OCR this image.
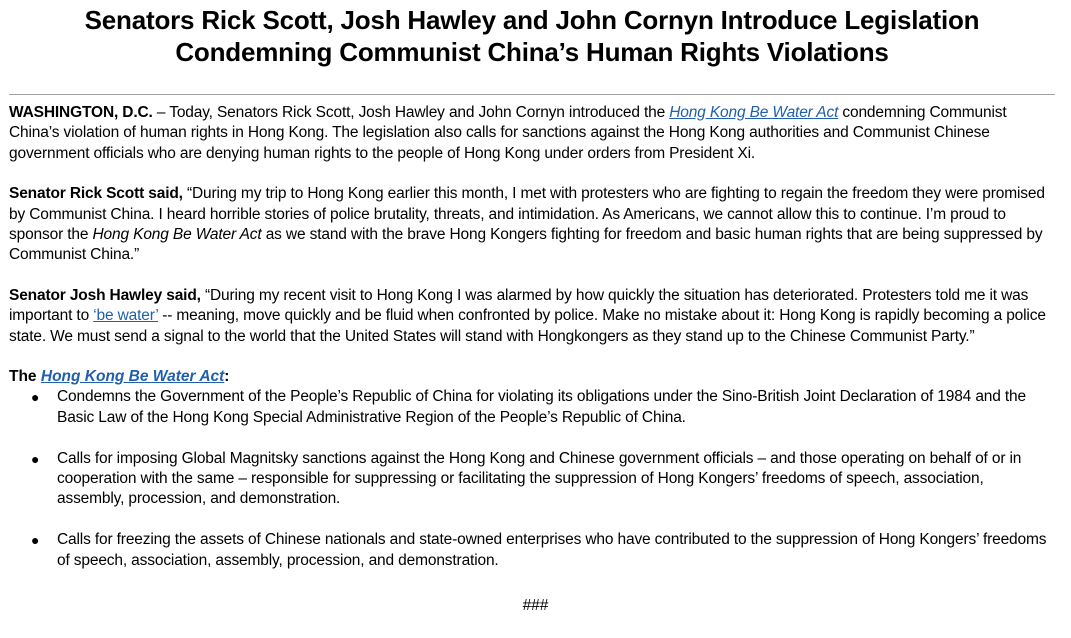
Senators Rick Scott, Josh Hawley and John Cornyn Introduce Legislation
Condemning Communist China’s Human Rights Violations

WASHINGTON, D.C. – Today, Senators Rick Scott, Josh Hawley and John Cornyn introduced the Hong Kong Be Water Act condemning Communist China’s violation of human rights in Hong Kong. The legislation also calls for sanctions against the Hong Kong authorities and Communist Chinese government officials who are denying human rights to the people of Hong Kong under orders from President Xi.

Senator Rick Scott said, “During my trip to Hong Kong earlier this month, I met with protesters who are fighting to regain the freedom they were promised by Communist China. I heard horrible stories of police brutality, threats, and intimidation. As Americans, we cannot allow this to continue. I’m proud to sponsor the Hong Kong Be Water Act as we stand with the brave Hong Kongers fighting for freedom and basic human rights that are being suppressed by Communist China.”

Senator Josh Hawley said, “During my recent visit to Hong Kong I was alarmed by how quickly the situation has deteriorated. Protesters told me it was important to ‘be water’ -- meaning, move quickly and be fluid when confronted by police. Make no mistake about it: Hong Kong is rapidly becoming a police state. We must send a signal to the world that the United States will stand with Hongkongers as they stand up to the Chinese Communist Party.”

The Hong Kong Be Water Act:
● Condemns the Government of the People’s Republic of China for violating its obligations under the Sino-British Joint Declaration of 1984 and the Basic Law of the Hong Kong Special Administrative Region of the People’s Republic of China.
● Calls for imposing Global Magnitsky sanctions against the Hong Kong and Chinese government officials – and those operating on behalf of or in cooperation with the same – responsible for suppressing or facilitating the suppression of Hong Kongers’ freedoms of speech, association, assembly, procession, and demonstration.
● Calls for freezing the assets of Chinese nationals and state-owned enterprises who have contributed to the suppression of Hong Kongers’ freedoms of speech, association, assembly, procession, and demonstration.
###
